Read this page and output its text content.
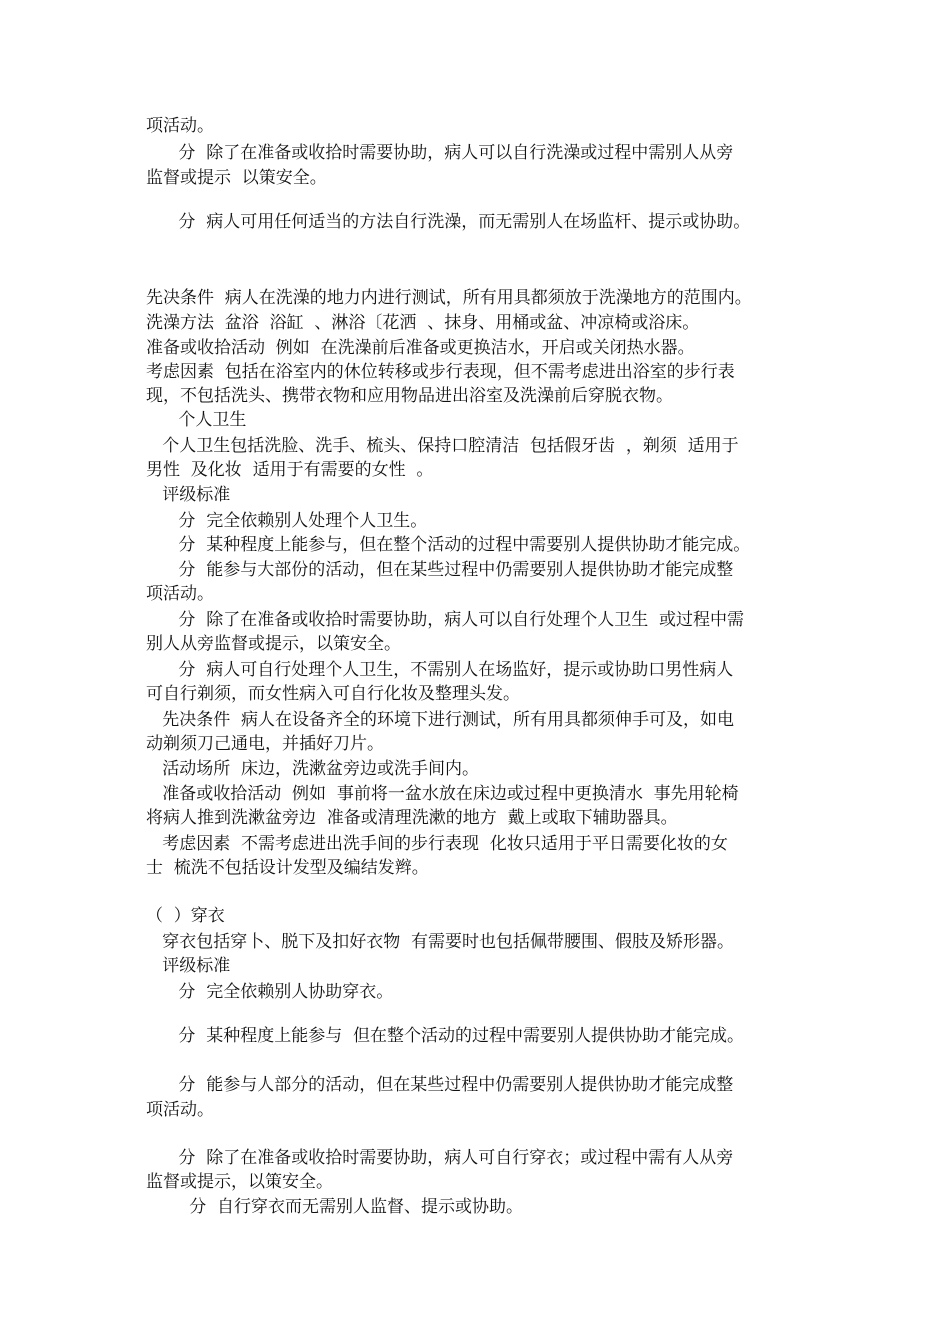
项活动。
分  除了在准备或收拾时需要协助，病人可以自行洗澡或过程中需别人从旁
监督或提示  以策安全。
分  病人可用任何适当的方法自行洗澡，而无需别人在场监杆、提示或协助。
先决条件  病人在洗澡的地力内进行测试，所有用具都须放于洗澡地方的范围内。
洗澡方法  盆浴  浴缸  、淋浴〔花洒  、抹身、用桶或盆、冲凉椅或浴床。
准备或收拾活动  例如  在洗澡前后准备或更换洁水，开启或关闭热水器。
考虑因素  包括在浴室内的休位转移或步行表现，但不需考虑进出浴室的步行表
现，不包括洗头、携带衣物和应用物品进出浴室及洗澡前后穿脱衣物。
个人卫生
个人卫生包括洗脸、洗手、梳头、保持口腔清洁  包括假牙齿  ，剃须  适用于
男性  及化妆  适用于有需要的女性  。
评级标准
分  完全依赖别人处理个人卫生。
分  某种程度上能参与，但在整个活动的过程中需要别人提供协助才能完成。
分  能参与大部份的活动，但在某些过程中仍需要别人提供协助才能完成整
项活动。
分  除了在准备或收拾时需要协助，病人可以自行处理个人卫生  或过程中需
别人从旁监督或提示，以策安全。
分  病人可自行处理个人卫生，不需别人在场监好，提示或协助口男性病人
可自行剃须，而女性病入可自行化妆及整理头发。
先决条件  病人在设备齐全的环境下进行测试，所有用具都须伸手可及，如电
动剃须刀己通电，并插好刀片。
活动场所  床边，洗漱盆旁边或洗手间内。
准备或收拾活动  例如  事前将一盆水放在床边或过程中更换清水  事先用轮椅
将病人推到洗漱盆旁边  准备或清理洗漱的地方  戴上或取下辅助器具。
考虑因素  不需考虑进出洗手间的步行表现  化妆只适用于平日需要化妆的女
士  梳洗不包括设计发型及编结发辫。
（  ）穿衣
穿衣包括穿卜、脱下及扣好衣物  有需要时也包括佩带腰围、假肢及矫形器。
评级标准
分  完全依赖别人协助穿衣。
分  某种程度上能参与  但在整个活动的过程中需要别人提供协助才能完成。
分  能参与人部分的活动，但在某些过程中仍需要别人提供协助才能完成整
项活动。
分  除了在准备或收拾时需要协助，病人可自行穿衣；或过程中需有人从旁
监督或提示，以策安全。
分  自行穿衣而无需别人监督、提示或协助。
